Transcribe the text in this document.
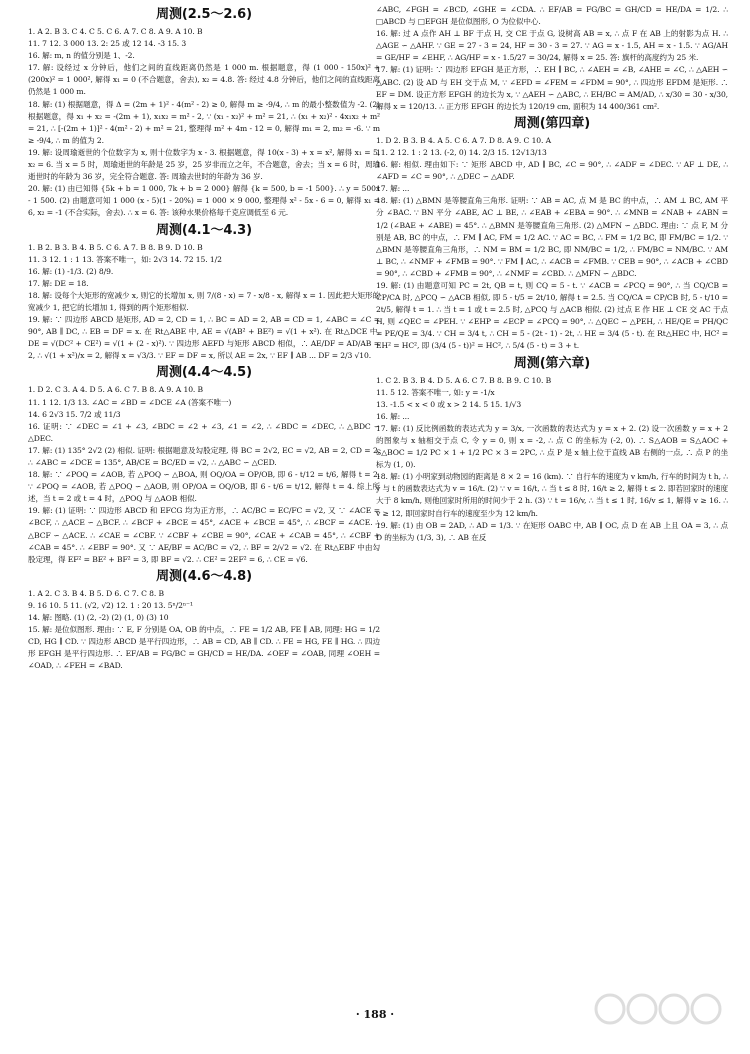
周测(2.5～2.6)

1. A 2. B 3. C 4. C 5. C 6. A 7. C 8. A 9. A 10. B

11. 7 12. 3 000 13. 2: 25 或 12 14. -3 15. 3

16. 解: m, n 的值分别是 1、-2.

17. 解: 设经过 x 分钟后，他们之间的直线距离仍然是 1 000 m. 根据题意，得 (1 000 - 150x)² + (200x)² = 1 000², 解得 x₁ = 0 (不合题意，舍去), x₂ = 4.8. 答: 经过 4.8 分钟后，他们之间的直线距离仍然是 1 000 m.

18. 解: (1) 根据题意，得 Δ = (2m + 1)² - 4(m² - 2) ≥ 0, 解得 m ≥ -9/4, ∴ m 的最小整数值为 -2. (2) 根据题意，得 x₁ + x₂ = -(2m + 1), x₁x₂ = m² - 2, ∵ (x₁ - x₂)² + m² = 21, ∴ (x₁ + x₂)² - 4x₁x₂ + m² = 21, ∴ [-(2m + 1)]² - 4(m² - 2) + m² = 21, 整理得 m² + 4m - 12 = 0, 解得 m₁ = 2, m₂ = -6. ∵ m ≥ -9/4, ∴ m 的值为 2.

19. 解: 设周瑜逝世的个位数字为 x, 则十位数字为 x - 3. 根据题意，得 10(x - 3) + x = x², 解得 x₁ = 5, x₂ = 6. 当 x = 5 时，周瑜逝世的年龄是 25 岁，25 岁非而立之年，不合题意，舍去；当 x = 6 时，周瑜逝世时的年龄为 36 岁，完全符合题意. 答: 周瑜去世时的年龄为 36 岁.

20. 解: (1) 由已知得 {5k + b = 1 000, 7k + b = 2 000} 解得 {k = 500, b = -1 500}. ∴ y = 500x - 1 500. (2) 由题意可知 1 000 (x - 5)(1 - 20%) = 1 000 × 9 000, 整理得 x² - 5x - 6 = 0, 解得 x₁ = 6, x₂ = -1 (不合实际，舍去). ∴ x = 6. 答: 该种水果价格每千克应调低至 6 元.

周测(4.1～4.3)

1. B 2. B 3. B 4. B 5. C 6. A 7. B 8. B 9. D 10. B

11. 3 12. 1 : 1 13. 答案不唯一，如: 2√3 14. 72 15. 1/2

16. 解: (1) -1/3. (2) 8/9.

17. 解: DE = 18.

18. 解: 设每个大矩形的宽减少 x, 则它的长增加 x, 则 7/(8 - x) = 7 - x/8 - x, 解得 x = 1. 因此把大矩形的宽减少 1, 把它的长增加 1, 得到的两个矩形相似.

19. 解: ∵ 四边形 ABCD 是矩形, AD = 2, CD = 1, ∴ BC = AD = 2, AB = CD = 1, ∠ABC = ∠C = 90°, AB ∥ DC, ∴ EB = DF = x. 在 Rt△ABE 中, AE = √(AB² + BE²) = √(1 + x²). 在 Rt△DCE 中, DE = √(DC² + CE²) = √(1 + (2 - x)²). ∵ 四边形 AEFD 与矩形 ABCD 相似，∴ AE/DF = AD/AB = 2, ∴ √(1 + x²)/x = 2, 解得 x = √3/3. ∵ EF = DF = x, 所以 AE = 2x, ∵ EF ∥ AB ... DF = 2/3 √10.

周测(4.4～4.5)

1. D 2. C 3. A 4. D 5. A 6. C 7. B 8. A 9. A 10. B

11. 1 12. 1/3 13. ∠AC = ∠BD = ∠DCE ∠A (答案不唯一)

14. 6 2√3 15. 7/2 或 11/3

16. 证明: ∵ ∠DEC = ∠1 + ∠3, ∠BDC = ∠2 + ∠3, ∠1 = ∠2, ∴ ∠BDC = ∠DEC, ∴ △BDC ∽ △DEC.

17. 解: (1) 135° 2√2 (2) 相似. 证明: 根据题意及勾股定理, 得 BC = 2√2, EC = √2, AB = 2, CD = 2, ∴ ∠ABC = ∠DCE = 135°, AB/CE = BC/ED = √2, ∴ △ABC ∽ △CED.

18. 解: ∵ ∠POQ = ∠AOB, 若 △POQ ∽ △BOA, 则 OQ/OA = OP/OB, 即 6 - t/12 = t/6, 解得 t = 2. ∵ ∠POQ = ∠AOB, 若 △POQ ∽ △AOB, 则 OP/OA = OQ/OB, 即 6 - t/6 = t/12, 解得 t = 4. 综上所述，当 t = 2 或 t = 4 时，△POQ 与 △AOB 相似.

19. 解: (1) 证明: ∵ 四边形 ABCD 和 EFCG 均为正方形，∴ AC/BC = EC/FC = √2, 又 ∵ ∠ACE = ∠BCF, ∴ △ACE ∽ △BCF. ∴ ∠BCF + ∠BCE = 45°, ∠ACE + ∠BCE = 45°, ∴ ∠BCF = ∠ACE. ∴ △BCF ∽ △ACE. ∴ ∠CAE = ∠CBF. ∵ ∠CBF + ∠CBE = 90°, ∠CAE + ∠CAB = 45°, ∴ ∠CBF + ∠CAB = 45°. ∴ ∠EBF = 90°. 又 ∵ AE/BF = AC/BC = √2, ∴ BF = 2/√2 = √2. 在 Rt△EBF 中由勾股定理，得 EF² = BE² + BF² = 3, 即 BF = √2. ∴ CE² = 2EF² = 6, ∴ CE = √6.

周测(4.6～4.8)

1. A 2. C 3. B 4. B 5. D 6. C 7. C 8. B

9. 16 10. 5 11. (√2, √2) 12. 1 : 20 13. 5ⁿ/2ⁿ⁻¹

14. 解: 图略. (1) (2, -2) (2) (1, 0) (3) 10

15. 解: 是位似图形. 理由: ∵ E, F 分别是 OA, OB 的中点，∴ FE = 1/2 AB, FE ∥ AB, 同理: HG = 1/2 CD, HG ∥ CD. ∵ 四边形 ABCD 是平行四边形，∴ AB = CD, AB ∥ CD. ∴ FE = HG, FE ∥ HG. ∴ 四边形 EFGH 是平行四边形. ∴ EF/AB = FG/BC = GH/CD = HE/DA. ∠OEF = ∠OAB, 同理 ∠OEH = ∠OAD, ∴ ∠FEH = ∠BAD.

∠ABC, ∠FGH = ∠BCD, ∠GHE = ∠CDA. ∴ EF/AB = FG/BC = GH/CD = HE/DA = 1/2. ∴ □ABCD 与 □EFGH 是位似图形, O 为位似中心.

16. 解: 过 A 点作 AH ⊥ BF 于点 H, 交 CE 于点 G, 设树高 AB = x, ∴ 点 F 在 AB 上的射影为点 H. ∴ △AGE ∽ △AHF. ∵ GE = 27 - 3 = 24, HF = 30 - 3 = 27. ∵ AG = x - 1.5, AH = x - 1.5. ∵ AG/AH = GE/HF = ∠EHF, ∴ AG/HF = x - 1.5/27 = 30/24, 解得 x = 25. 答: 旗杆的高度约为 25 米.

17. 解: (1) 证明: ∵ 四边形 EFGH 是正方形，∴ EH ∥ BC, ∴ ∠AEH = ∠B, ∠AHE = ∠C, ∴ △AEH ∽ △ABC. (2) 设 AD 与 EH 交于点 M, ∵ ∠EFD = ∠FEM = ∠FDM = 90°, ∴ 四边形 EFDM 是矩形. ∴ EF = DM. 设正方形 EFGH 的边长为 x, ∵ △AEH ∽ △ABC, ∴ EH/BC = AM/AD, ∴ x/30 = 30 - x/30, 解得 x = 120/13. ∴ 正方形 EFGH 的边长为 120/19 cm, 面积为 14 400/361 cm².

周测(第四章)

1. D 2. B 3. B 4. A 5. C 6. A 7. D 8. A 9. C 10. A

11. 2 12. 1 : 2 13. (-2, 0) 14. 2/3 15. 12√13/13

16. 解: 相似. 理由如下: ∵ 矩形 ABCD 中, AD ∥ BC, ∠C = 90°, ∴ ∠ADF = ∠DEC. ∵ AF ⊥ DE, ∴ ∠AFD = ∠C = 90°, ∴ △DEC ∽ △ADF.

17. 解: ...

18. 解: (1) △BMN 是等腰直角三角形. 证明: ∵ AB = AC, 点 M 是 BC 的中点，∴ AM ⊥ BC, AM 平分 ∠BAC. ∵ BN 平分 ∠ABE, AC ⊥ BE, ∴ ∠EAB + ∠EBA = 90°. ∴ ∠MNB = ∠NAB + ∠ABN = 1/2 (∠BAE + ∠ABE) = 45°. ∴ △BMN 是等腰直角三角形. (2) △MFN ∽ △BDC. 理由: ∵ 点 F, M 分别是 AB, BC 的中点，∴ FM ∥ AC, FM = 1/2 AC. ∵ AC = BC, ∴ FM = 1/2 BC, 即 FM/BC = 1/2. ∵ △BMN 是等腰直角三角形，∴ NM = BM = 1/2 BC, 即 NM/BC = 1/2, ∴ FM/BC = NM/BC. ∵ AM ⊥ BC, ∴ ∠NMF + ∠FMB = 90°. ∵ FM ∥ AC, ∴ ∠ACB = ∠FMB. ∵ CEB = 90°, ∴ ∠ACB + ∠CBD = 90°, ∴ ∠CBD + ∠FMB = 90°, ∴ ∠NMF = ∠CBD. ∴ △MFN ∽ △BDC.

19. 解: (1) 由题意可知 PC = 2t, QB = t, 则 CQ = 5 - t. ∵ ∠ACB = ∠PCQ = 90°, ∴ 当 CQ/CB = CP/CA 时, △PCQ ∽ △ACB 相似, 即 5 - t/5 = 2t/10, 解得 t = 2.5. 当 CQ/CA = CP/CB 时, 5 - t/10 = 2t/5, 解得 t = 1. ∴ 当 t = 1 或 t = 2.5 时, △PCQ 与 △ACB 相似. (2) 过点 E 作 HE ⊥ CE 交 AC 于点 H, 则 ∠QEC = ∠PEH. ∵ ∠EHP = ∠ECP = ∠PCQ = 90°, ∴ △QEC ∽ △PEH, ∴ HE/QE = PH/QC = PE/QE = 3/4. ∵ CH = 3/4 t, ∴ CH = 5 - (2t - 1) - 2t, ∴ HE = 3/4 (5 - t). 在 Rt△HEC 中, HC² = EH² = HC², 即 (3/4 (5 - t))² = HC², ∴ 5/4 (5 - t) = 3 + t.

周测(第六章)

1. C 2. B 3. B 4. D 5. A 6. C 7. B 8. B 9. C 10. B

11. 5 12. 答案不唯一, 如: y = -1/x

13. -1.5 < x < 0 或 x > 2 14. 5 15. 1/√3

16. 解: ...

17. 解: (1) 反比例函数的表达式为 y = 3/x, 一次函数的表达式为 y = x + 2. (2) 设一次函数 y = x + 2 的图象与 x 轴相交于点 C, 令 y = 0, 则 x = -2, ∴ 点 C 的坐标为 (-2, 0). ∴ S△AOB = S△AOC + S△BOC = 1/2 PC × 1 + 1/2 PC × 3 = 2PC, ∴ 点 P 是 x 轴上位于直线 AB 右侧的一点, ∴ 点 P 的坐标为 (1, 0).

18. 解: (1) 小明家到动物园的距离是 8 × 2 = 16 (km). ∵ 自行车的速度为 v km/h, 行车的时间为 t h, ∴ y 与 t 的函数表达式为 v = 16/t. (2) ∵ v = 16/t, ∴ 当 t ≤ 8 时, 16/t ≥ 2, 解得 t ≤ 2. 即若回家时的速度大于 8 km/h, 则他回家时所用的时间少于 2 h. (3) ∵ t = 16/v, ∴ 当 t ≤ 1 时, 16/v ≤ 1, 解得 v ≥ 16. ∴ v ≥ 12, 即回家时自行车的速度至少为 12 km/h.

19. 解: (1) 由 OB = 2AD, ∴ AD = 1/3. ∵ 在矩形 OABC 中, AB ∥ OC, 点 D 在 AB 上且 OA = 3, ∴ 点 D 的坐标为 (1/3, 3), ∴ AB 在反

· 188 ·
